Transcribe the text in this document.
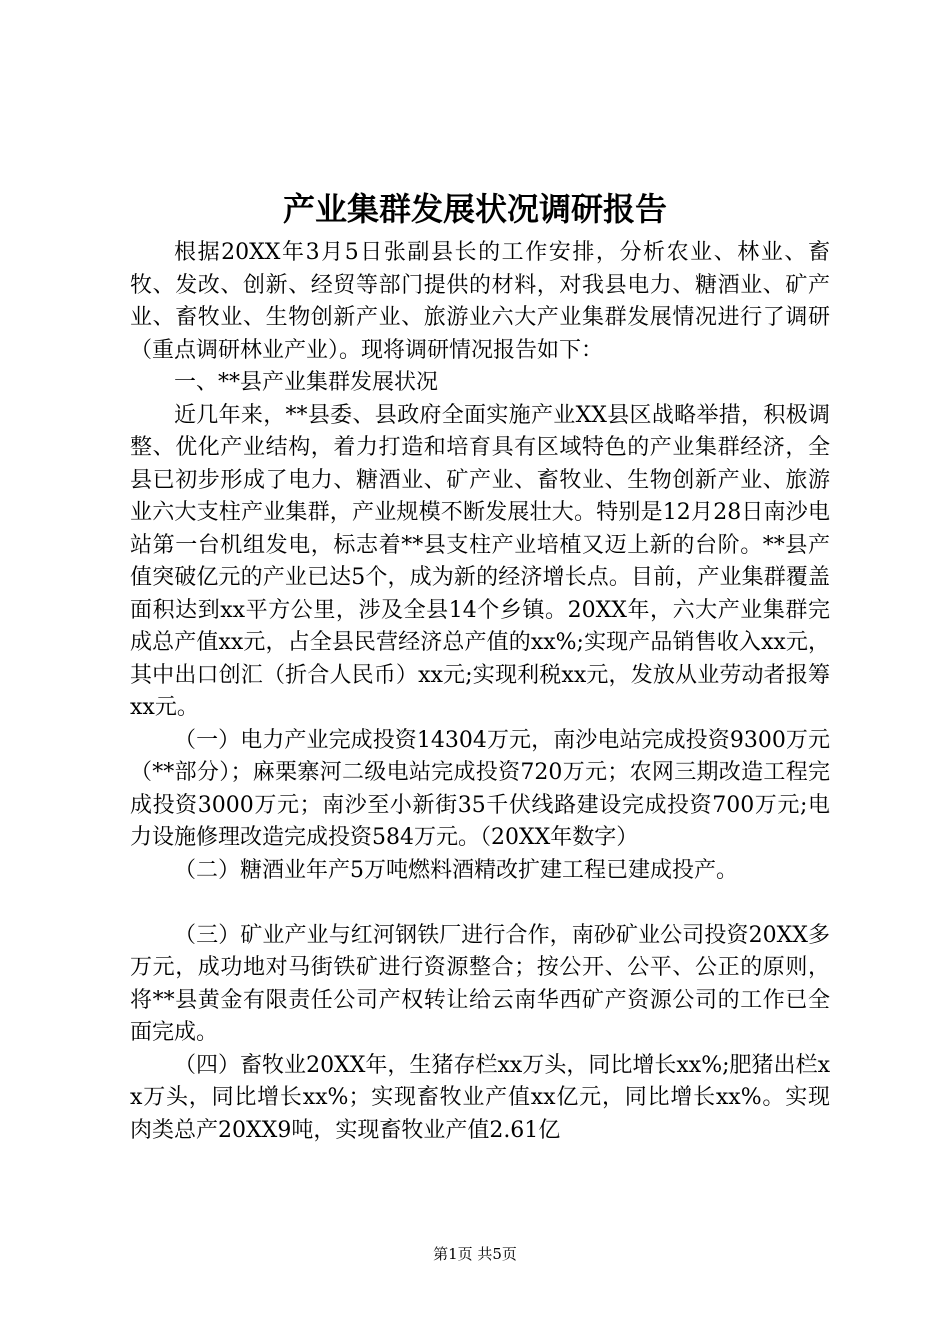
产业集群发展状况调研报告

根据20XX年3月5日张副县长的工作安排，分析农业、林业、畜牧、发改、创新、经贸等部门提供的材料，对我县电力、糖酒业、矿产业、畜牧业、生物创新产业、旅游业六大产业集群发展情况进行了调研（重点调研林业产业）。现将调研情况报告如下：

一、**县产业集群发展状况

近几年来，**县委、县政府全面实施产业XX县区战略举措，积极调整、优化产业结构，着力打造和培育具有区域特色的产业集群经济，全县已初步形成了电力、糖酒业、矿产业、畜牧业、生物创新产业、旅游业六大支柱产业集群，产业规模不断发展壮大。特别是12月28日南沙电站第一台机组发电，标志着**县支柱产业培植又迈上新的台阶。**县产值突破亿元的产业已达5个，成为新的经济增长点。目前，产业集群覆盖面积达到xx平方公里，涉及全县14个乡镇。20XX年，六大产业集群完成总产值xx元，占全县民营经济总产值的xx%;实现产品销售收入xx元，其中出口创汇（折合人民币）xx元;实现利税xx元，发放从业劳动者报筹xx元。

（一）电力产业完成投资14304万元，南沙电站完成投资9300万元（**部分）；麻栗寨河二级电站完成投资720万元；农网三期改造工程完成投资3000万元；南沙至小新街35千伏线路建设完成投资700万元;电力设施修理改造完成投资584万元。（20XX年数字）

（二）糖酒业年产5万吨燃料酒精改扩建工程已建成投产。

（三）矿业产业与红河钢铁厂进行合作，南砂矿业公司投资20XX多万元，成功地对马街铁矿进行资源整合；按公开、公平、公正的原则，将**县黄金有限责任公司产权转让给云南华西矿产资源公司的工作已全面完成。

（四）畜牧业20XX年，生猪存栏xx万头，同比增长xx%;肥猪出栏xx万头，同比增长xx%；实现畜牧业产值xx亿元，同比增长xx%。实现肉类总产20XX9吨，实现畜牧业产值2.61亿

第1页 共5页
